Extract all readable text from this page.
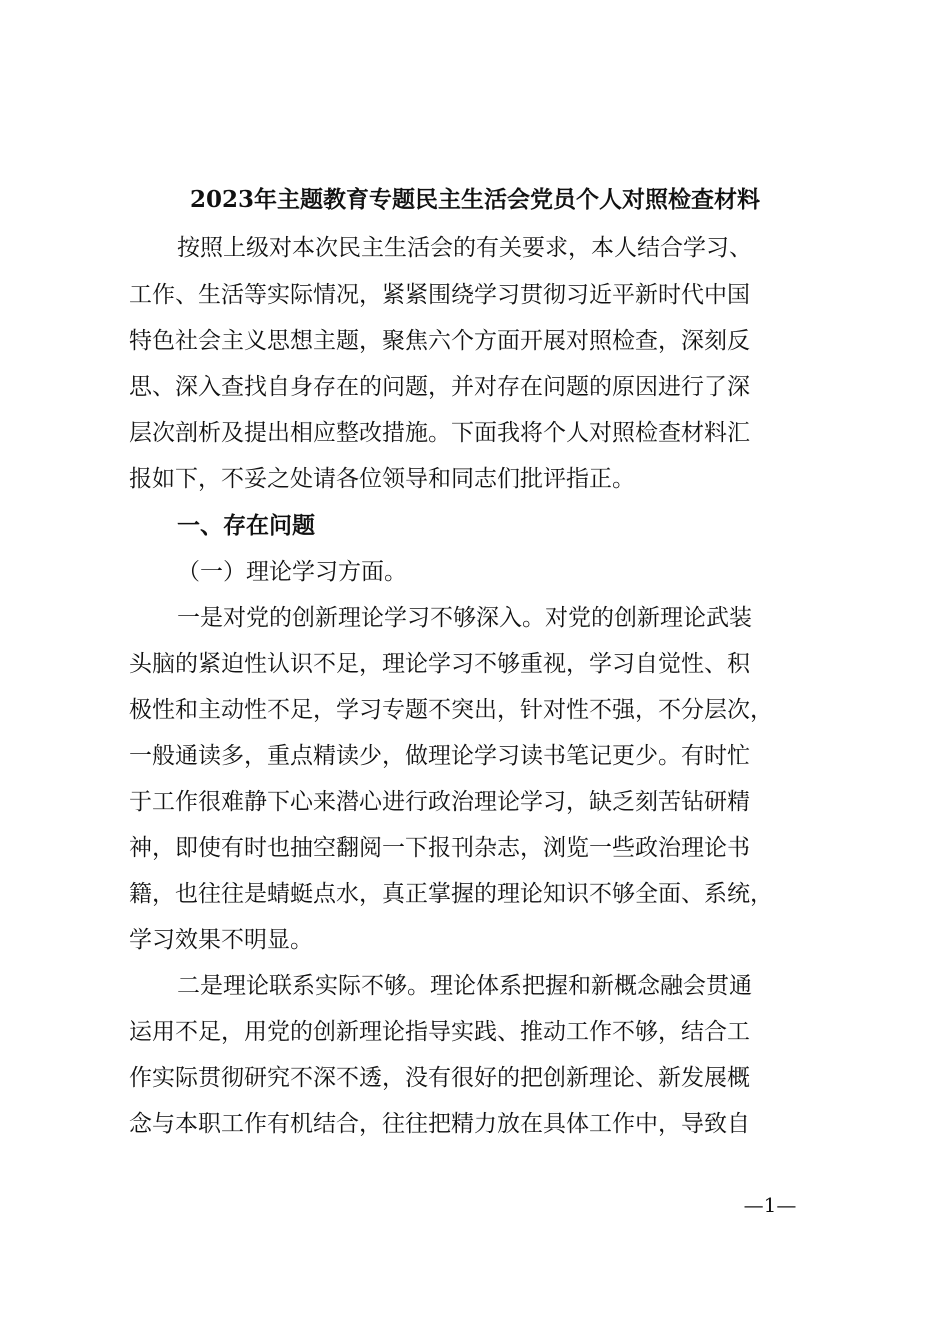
2023年主题教育专题民主生活会党员个人对照检查材料
按照上级对本次民主生活会的有关要求，本人结合学习、
工作、生活等实际情况，紧紧围绕学习贯彻习近平新时代中国
特色社会主义思想主题，聚焦六个方面开展对照检查，深刻反
思、深入查找自身存在的问题，并对存在问题的原因进行了深
层次剖析及提出相应整改措施。下面我将个人对照检查材料汇
报如下，不妥之处请各位领导和同志们批评指正。
一、存在问题
（一）理论学习方面。
一是对党的创新理论学习不够深入。对党的创新理论武装
头脑的紧迫性认识不足，理论学习不够重视，学习自觉性、积
极性和主动性不足，学习专题不突出，针对性不强，不分层次，
一般通读多，重点精读少，做理论学习读书笔记更少。有时忙
于工作很难静下心来潜心进行政治理论学习，缺乏刻苦钻研精
神，即使有时也抽空翻阅一下报刊杂志，浏览一些政治理论书
籍，也往往是蜻蜓点水，真正掌握的理论知识不够全面、系统，
学习效果不明显。
二是理论联系实际不够。理论体系把握和新概念融会贯通
运用不足，用党的创新理论指导实践、推动工作不够，结合工
作实际贯彻研究不深不透，没有很好的把创新理论、新发展概
念与本职工作有机结合，往往把精力放在具体工作中，导致自
—1—
